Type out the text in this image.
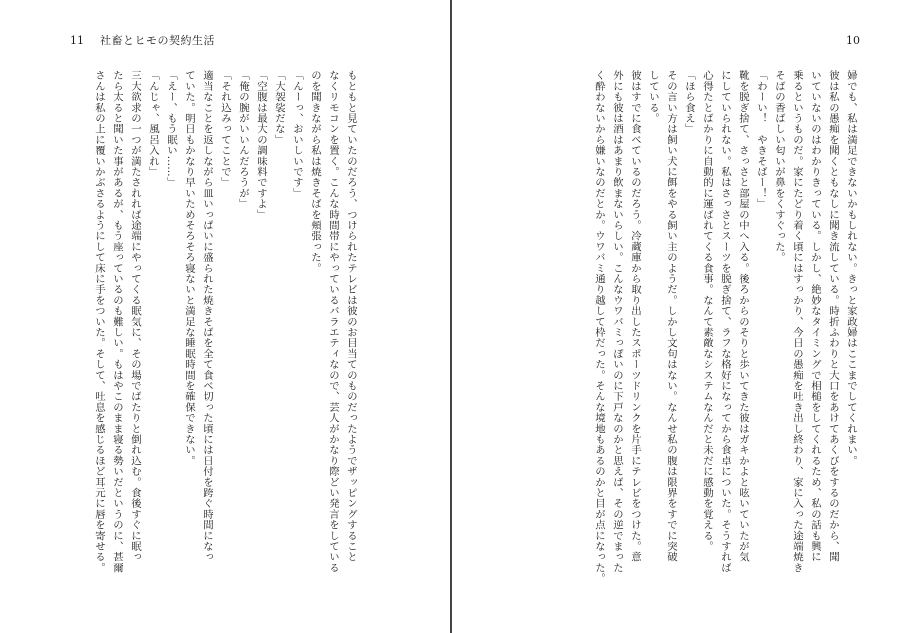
11 社畜とヒモの契約生活
もともと見ていたのだろう、つけられたテレビは彼のお目当てのものだったようでザッピングすること
なくリモコンを置く。こんな時間帯にやっているバラエティなので、芸人がかなり際どい発言をしている
のを聞きながら私は焼きそばを頬張った。
「んーっ、おいしいです」
「大袈裟だな」
「空腹は最大の調味料ですよ」
「俺の腕がいいんだろうが」
「それ込みってことで」
適当なことを返しながら皿いっぱいに盛られた焼きそばを全て食べ切った頃には日付を跨ぐ時間になっ
ていた。明日もかなり早いためそろそろ寝ないと満足な睡眠時間を確保できない。
「えー、もう眠い……」
「んじゃ、風呂入れ」
三大欲求の一つが満たされれば途端にやってくる眠気に、その場でばたりと倒れ込む。食後すぐに眠っ
たら太ると聞いた事があるが、もう座っているのも難しい。もはやこのまま寝る勢いだというのに、甚爾
さんは私の上に覆いかぶさるようにして床に手をついた。そして、吐息を感じるほど耳元に唇を寄せる。
10
婦でも、私は満足できないかもしれない。きっと家政婦はここまでしてくれまい。
彼は私の愚痴を聞くともなしに聞き流している。時折ふわりと大口をあけてあくびをするのだから、聞
いていないのはわかりきっている。しかし、絶妙なタイミングで相槌をしてくれるため、私の話も興に
乗るというものだ。家にたどり着く頃にはすっかり、今日の愚痴を吐き出し終わり、家に入った途端焼き
そばの香ばしい匂いが鼻をくすぐった。
「わーい！　やきそばー！」
靴を脱ぎ捨て、さっさと部屋の中へ入る。後ろからのそりと歩いてきた彼はガキかよと呟いていたが気
にしていられない。私はさっさとスーツを脱ぎ捨て、ラフな格好になってから食卓についた。そうすれば
心得たとばかりに自動的に運ばれてくる食事。なんて素敵なシステムなんだと未だに感動を覚える。
「ほら食え」
その言い方は飼い犬に餌をやる飼い主のようだ。しかし文句はない。なんせ私の腹は限界をすでに突破
している。
彼はすでに食べているのだろう。冷蔵庫から取り出したスポーツドリンクを片手にテレビをつけた。意
外にも彼は酒はあまり飲まないらしい。こんなウワバミっぽいのに下戸なのかと思えば、その逆でまった
く酔わないから嫌いなのだとか。ウワバミ通り越して枠だった。そんな境地もあるのかと目が点になった。
